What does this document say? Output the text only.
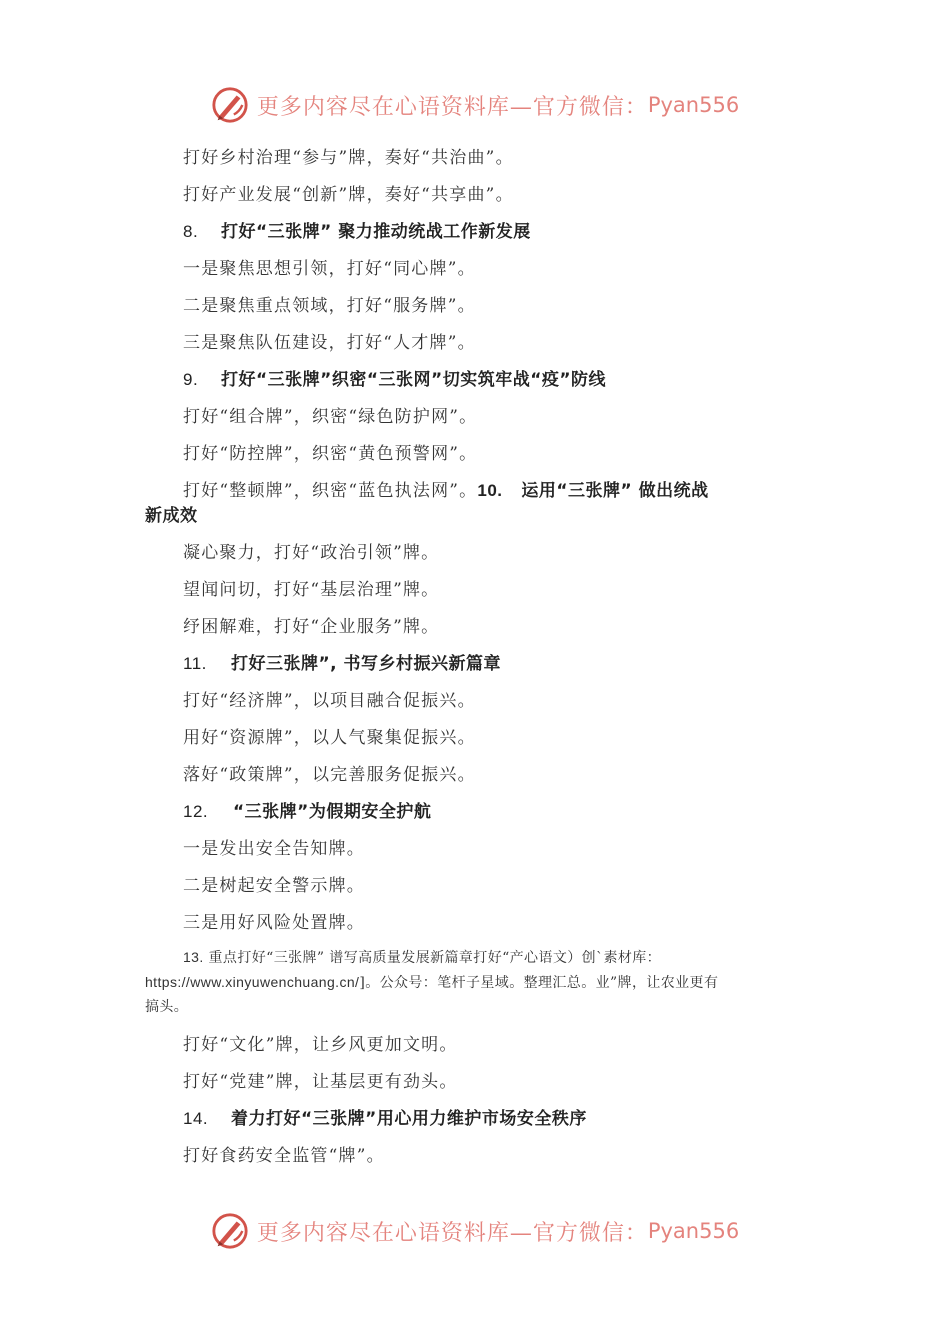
更多内容尽在心语资料库—官方微信： Pyan556
打好乡村治理“参与”牌，奏好“共治曲”。
打好产业发展“创新”牌，奏好“共享曲”。
8. 打好“三张牌” 聚力推动统战工作新发展
一是聚焦思想引领，打好“同心牌”。
二是聚焦重点领域，打好“服务牌”。
三是聚焦队伍建设，打好“人才牌”。
9. 打好“三张牌”织密“三张网”切实筑牢战“疫”防线
打好“组合牌”，织密“绿色防护网”。
打好“防控牌”，织密“黄色预警网”。
打好“整顿牌”，织密“蓝色执法网”。10. 运用“三张牌” 做出统战
新成效
凝心聚力，打好“政治引领”牌。
望闻问切，打好“基层治理”牌。
纾困解难，打好“企业服务”牌。
11. 打好三张牌”, 书写乡村振兴新篇章
打好“经济牌”，以项目融合促振兴。
用好“资源牌”，以人气聚集促振兴。
落好“政策牌”，以完善服务促振兴。
12. “三张牌”为假期安全护航
一是发出安全告知牌。
二是树起安全警示牌。
三是用好风险处置牌。
13. 重点打好“三张牌” 谱写高质量发展新篇章打好“产心语文）创`素材库：
https://www.xinyuwenchuang.cn/]。公众号：笔杆子星域。整理汇总。业”牌，让农业更有
搞头。
打好“文化”牌，让乡风更加文明。
打好“党建”牌，让基层更有劲头。
14. 着力打好“三张牌”用心用力维护市场安全秩序
打好食药安全监管“牌”。
更多内容尽在心语资料库—官方微信： Pyan556
